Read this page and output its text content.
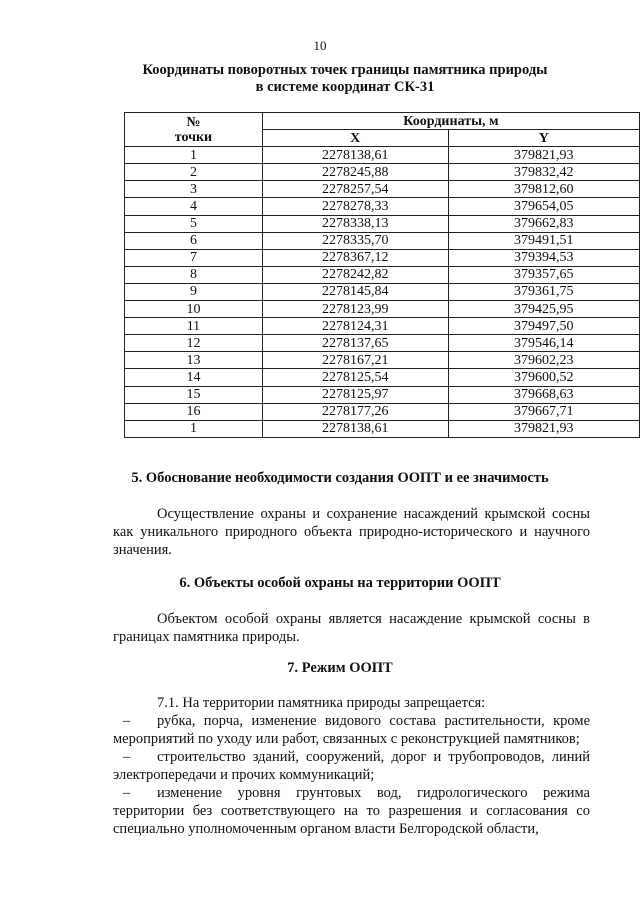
10
Координаты поворотных точек границы памятника природы
в системе координат СК-31
№
точки	Координаты, м	
	X	Y
1	2278138,61	379821,93
2	2278245,88	379832,42
3	2278257,54	379812,60
4	2278278,33	379654,05
5	2278338,13	379662,83
6	2278335,70	379491,51
7	2278367,12	379394,53
8	2278242,82	379357,65
9	2278145,84	379361,75
10	2278123,99	379425,95
11	2278124,31	379497,50
12	2278137,65	379546,14
13	2278167,21	379602,23
14	2278125,54	379600,52
15	2278125,97	379668,63
16	2278177,26	379667,71
1	2278138,61	379821,93
5. Обоснование необходимости создания ООПТ и ее значимость
Осуществление охраны и сохранение насаждений крымской сосны как уникального природного объекта природно-исторического и научного значения.
6. Объекты особой охраны на территории ООПТ
Объектом особой охраны является насаждение крымской сосны в границах памятника природы.
7. Режим ООПТ
7.1. На территории памятника природы запрещается:
– рубка, порча, изменение видового состава растительности, кроме мероприятий по уходу или работ, связанных с реконструкцией памятников;
– строительство зданий, сооружений, дорог и трубопроводов, линий электропередачи и прочих коммуникаций;
– изменение уровня грунтовых вод, гидрологического режима территории без соответствующего на то разрешения и согласования со специально уполномоченным органом власти Белгородской области,
